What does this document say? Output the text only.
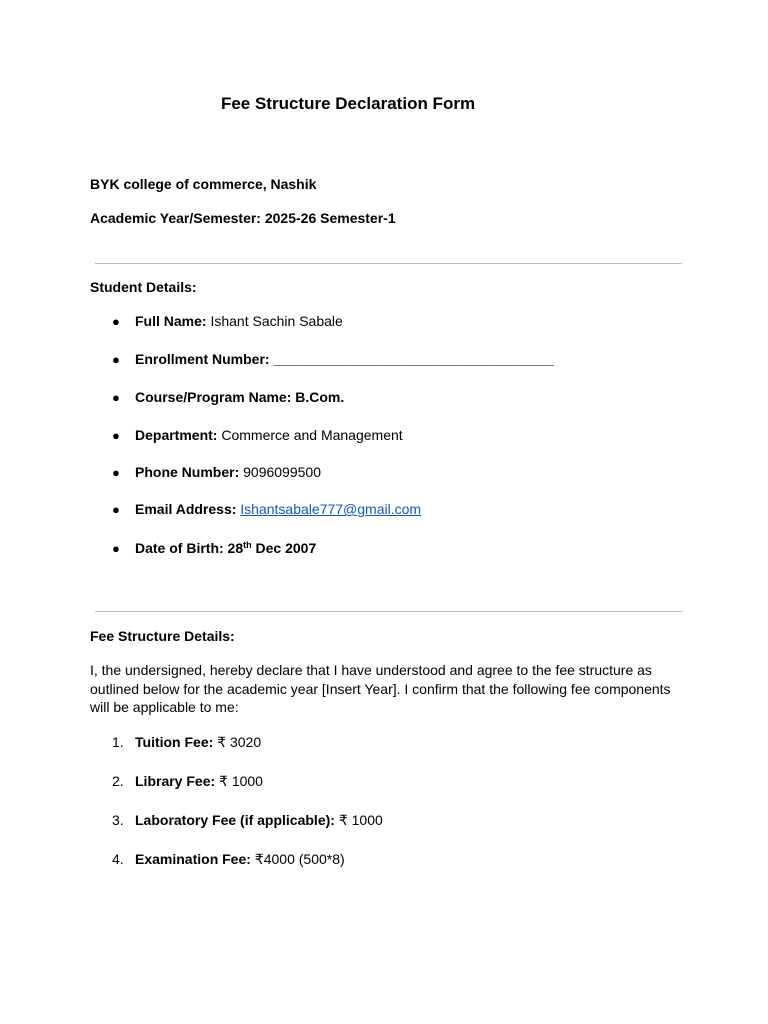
Fee Structure Declaration Form
BYK college of commerce, Nashik
Academic Year/Semester: 2025-26 Semester-1
Student Details:
● Full Name: Ishant Sachin Sabale
● Enrollment Number: ____________________________________
● Course/Program Name: B.Com.
● Department: Commerce and Management
● Phone Number: 9096099500
● Email Address: Ishantsabale777@gmail.com
● Date of Birth: 28th Dec 2007
Fee Structure Details:
I, the undersigned, hereby declare that I have understood and agree to the fee structure as outlined below for the academic year [Insert Year]. I confirm that the following fee components will be applicable to me:
1. Tuition Fee: ₹ 3020
2. Library Fee: ₹ 1000
3. Laboratory Fee (if applicable): ₹ 1000
4. Examination Fee: ₹4000 (500*8)
